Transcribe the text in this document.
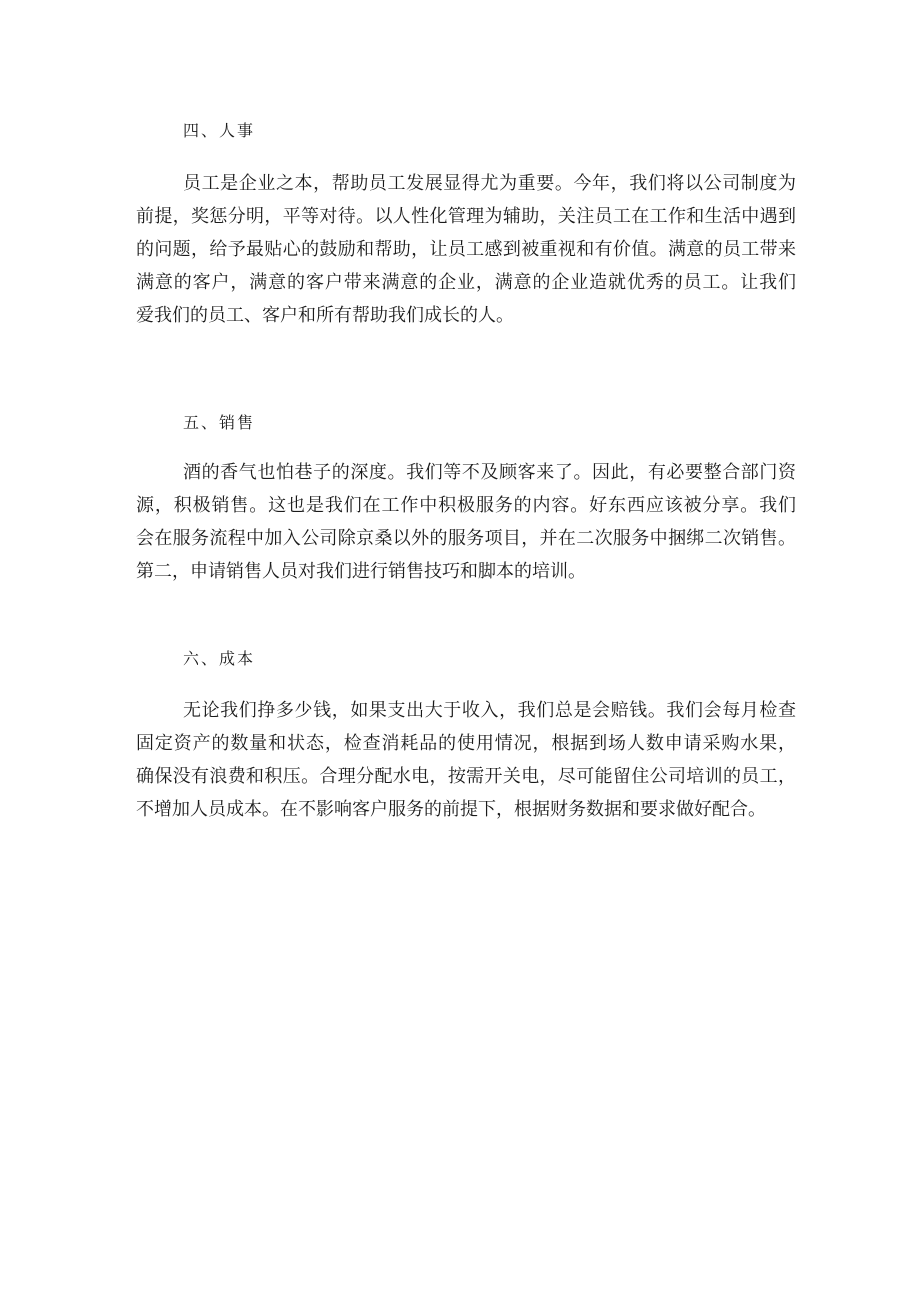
四、人事
员工是企业之本，帮助员工发展显得尤为重要。今年，我们将以公司制度为
前提，奖惩分明，平等对待。以人性化管理为辅助，关注员工在工作和生活中遇到
的问题，给予最贴心的鼓励和帮助，让员工感到被重视和有价值。满意的员工带来
满意的客户，满意的客户带来满意的企业，满意的企业造就优秀的员工。让我们
爱我们的员工、客户和所有帮助我们成长的人。
五、销售
酒的香气也怕巷子的深度。我们等不及顾客来了。因此，有必要整合部门资
源，积极销售。这也是我们在工作中积极服务的内容。好东西应该被分享。我们
会在服务流程中加入公司除京桑以外的服务项目，并在二次服务中捆绑二次销售。
第二，申请销售人员对我们进行销售技巧和脚本的培训。
六、成本
无论我们挣多少钱，如果支出大于收入，我们总是会赔钱。我们会每月检查
固定资产的数量和状态，检查消耗品的使用情况，根据到场人数申请采购水果，
确保没有浪费和积压。合理分配水电，按需开关电，尽可能留住公司培训的员工，
不增加人员成本。在不影响客户服务的前提下，根据财务数据和要求做好配合。
